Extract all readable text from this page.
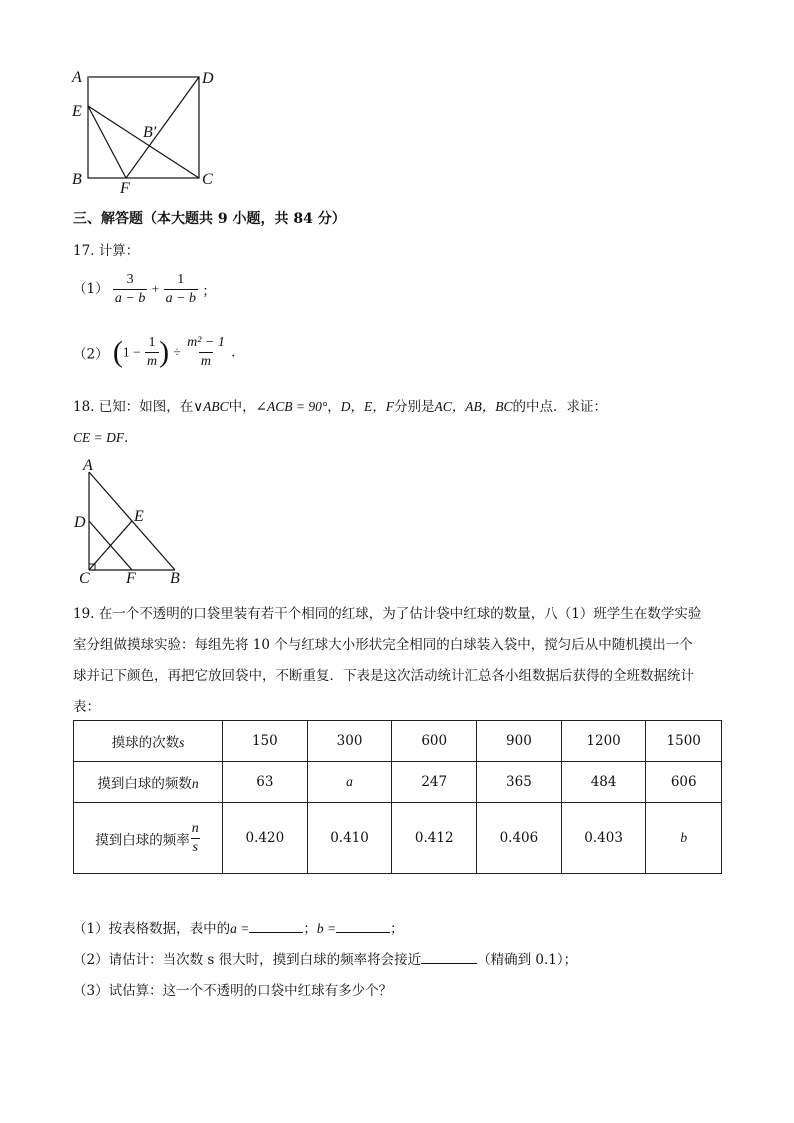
A	D
E
B′
B
F
C
三、解答题（本大题共 9 小题，共 84 分）
17. 计算：
$(1) \frac{3}{a - b} + \frac{1}{a - b}$ ；
（2） ($1 - \frac{1}{m}$ ) ÷ $\frac{\text{m² − 1}}{m}$ .
18. 已知：如图，在∨ABC中，∠ACB = 90°，D，E，F分别是AC，AB，BC的中点．求证：
CE = DF．
A
D	E
C F B
19. 在一个不透明的口袋里装有若干个相同的红球，为了估计袋中红球的数量，八（1）班学生在数学实验
室分组做摸球实验：每组先将 10 个与红球大小形状完全相同的白球装入袋中，搅匀后从中随机摸出一个
球并记下颜色，再把它放回袋中，不断重复．下表是这次活动统计汇总各小组数据后获得的全班数据统计
表：
摸球的次数s	150	300	600	900	1200	1500
摸到白球的频数n	63	a	247	365	484	606
摸到白球的频率 $\frac{n}{s}$	0.420	0.410	0.412	0.406	0.403	b
（1）按表格数据，表中的a =	；b =	；
（2）请估计：当次数 s 很大时，摸到白球的频率将会接近	（精确到 0.1）；
（3）试估算：这一个不透明的口袋中红球有多少个？
